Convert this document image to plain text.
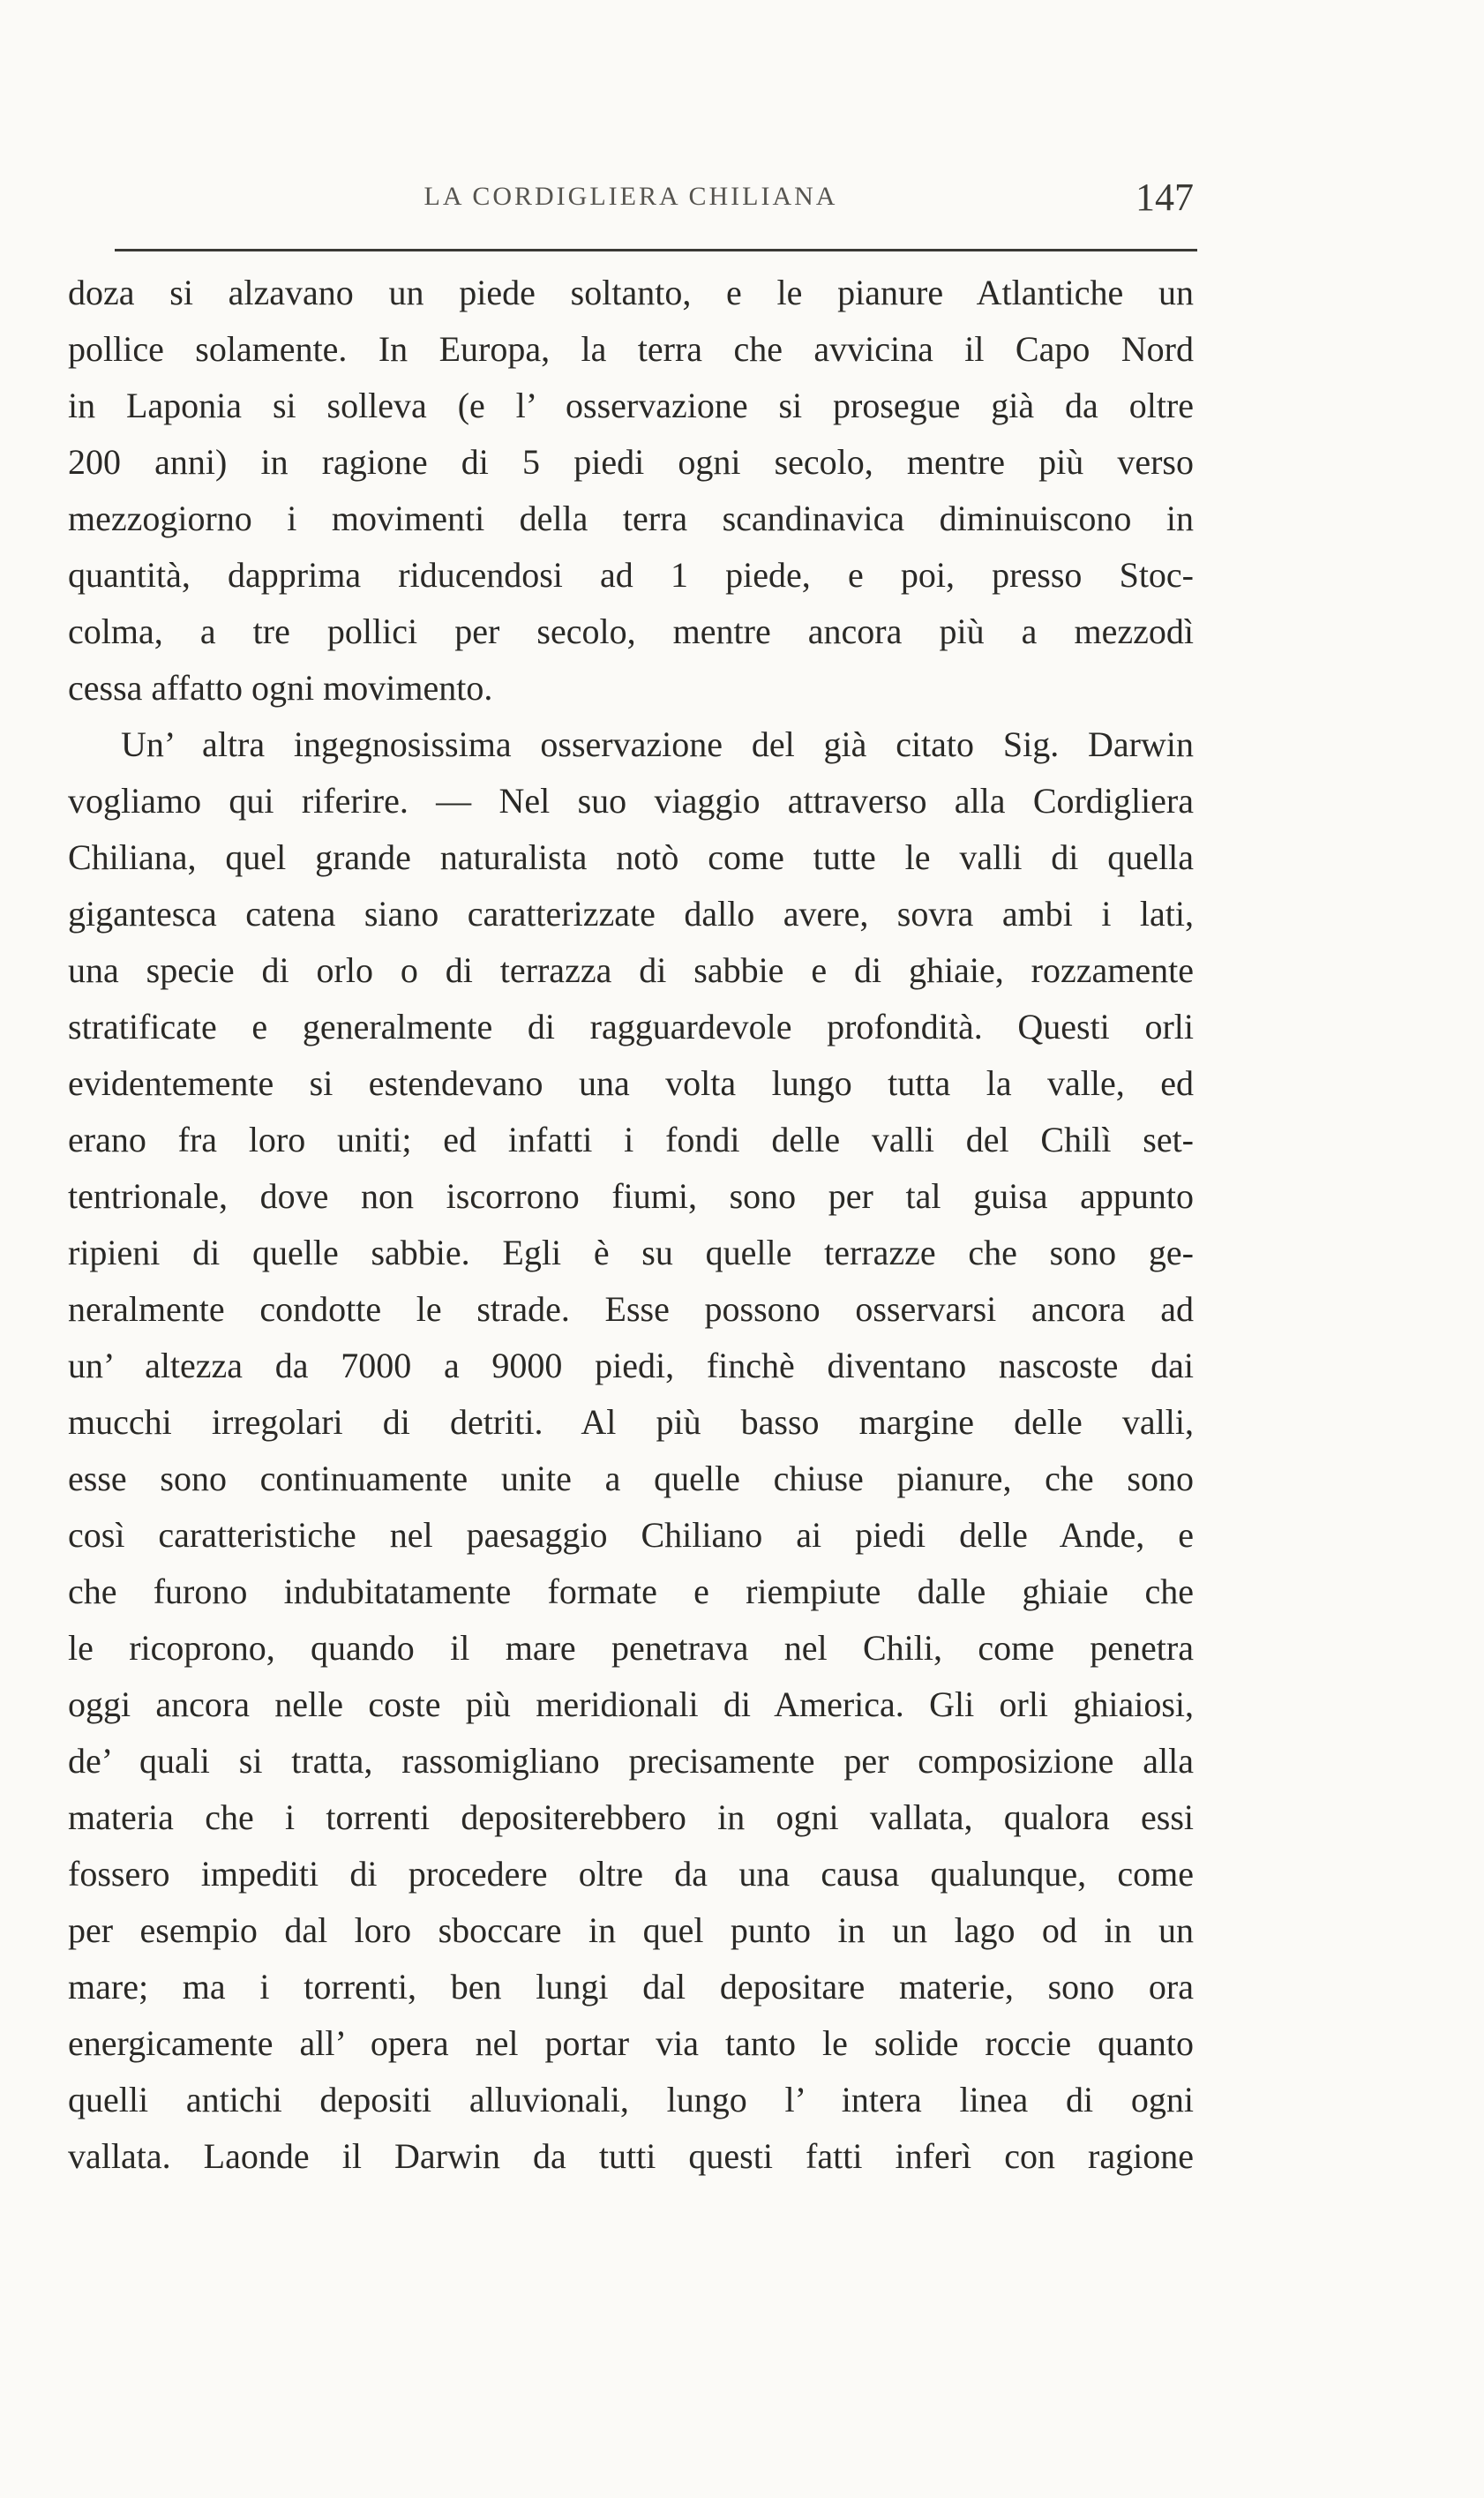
LA CORDIGLIERA CHILIANA	147
doza si alzavano un piede soltanto, e le pianure Atlantiche un
pollice solamente. In Europa, la terra che avvicina il Capo Nord
in Laponia si solleva (e l’ osservazione si prosegue già da oltre
200 anni) in ragione di 5 piedi ogni secolo, mentre più verso
mezzogiorno i movimenti della terra scandinavica diminuiscono in
quantità, dapprima riducendosi ad 1 piede, e poi, presso Stoc-
colma, a tre pollici per secolo, mentre ancora più a mezzodì
cessa affatto ogni movimento.
Un’ altra ingegnosissima osservazione del già citato Sig. Darwin
vogliamo qui riferire. — Nel suo viaggio attraverso alla Cordigliera
Chiliana, quel grande naturalista notò come tutte le valli di quella
gigantesca catena siano caratterizzate dallo avere, sovra ambi i lati,
una specie di orlo o di terrazza di sabbie e di ghiaie, rozzamente
stratificate e generalmente di ragguardevole profondità. Questi orli
evidentemente si estendevano una volta lungo tutta la valle, ed
erano fra loro uniti; ed infatti i fondi delle valli del Chilì set-
tentrionale, dove non iscorrono fiumi, sono per tal guisa appunto
ripieni di quelle sabbie. Egli è su quelle terrazze che sono ge-
neralmente condotte le strade. Esse possono osservarsi ancora ad
un’ altezza da 7000 a 9000 piedi, finchè diventano nascoste dai
mucchi irregolari di detriti. Al più basso margine delle valli,
esse sono continuamente unite a quelle chiuse pianure, che sono
così caratteristiche nel paesaggio Chiliano ai piedi delle Ande, e
che furono indubitatamente formate e riempiute dalle ghiaie che
le ricoprono, quando il mare penetrava nel Chili, come penetra
oggi ancora nelle coste più meridionali di America. Gli orli ghiaiosi,
de’ quali si tratta, rassomigliano precisamente per composizione alla
materia che i torrenti depositerebbero in ogni vallata, qualora essi
fossero impediti di procedere oltre da una causa qualunque, come
per esempio dal loro sboccare in quel punto in un lago od in un
mare; ma i torrenti, ben lungi dal depositare materie, sono ora
energicamente all’ opera nel portar via tanto le solide roccie quanto
quelli antichi depositi alluvionali, lungo l’ intera linea di ogni
vallata. Laonde il Darwin da tutti questi fatti inferì con ragione
